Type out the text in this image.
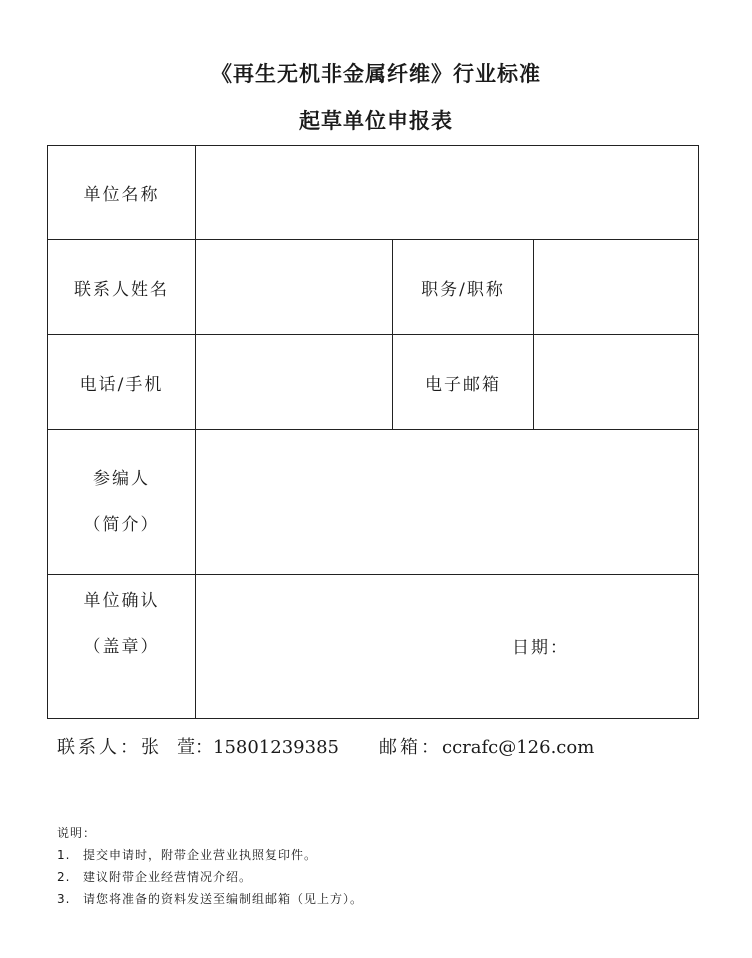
《再生无机非金属纤维》行业标准
起草单位申报表
单位名称			
联系人姓名		职务/职称	
电话/手机		电子邮箱	

参编人
（简介）			

单位确认
（盖章）	日期：		
联系人：张　萱：15801239385 邮箱：ccrafc@126.com
说明：
1. 提交申请时，附带企业营业执照复印件。
2. 建议附带企业经营情况介绍。
3. 请您将准备的资料发送至编制组邮箱（见上方）。
